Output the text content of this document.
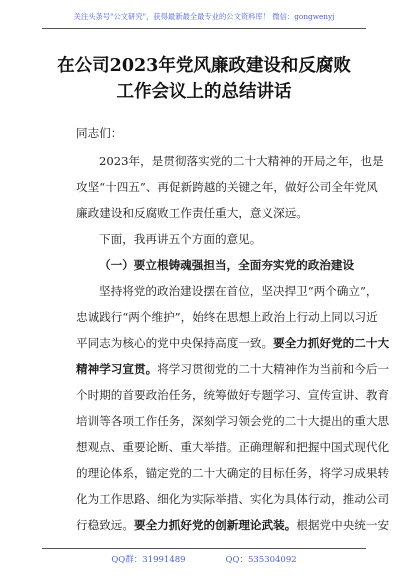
关注头条号"公文研究"，获得最新最全最专业的公文资料库！ 微信：gongwenyj
在公司2023年党风廉政建设和反腐败
工作会议上的总结讲话
同志们：
2023年，是贯彻落实党的二十大精神的开局之年，也是
攻坚“十四五”、再促新跨越的关键之年，做好公司全年党风
廉政建设和反腐败工作责任重大，意义深远。
下面，我再讲五个方面的意见。
（一）要立根铸魂强担当，全面夯实党的政治建设
坚持将党的政治建设摆在首位，坚决捍卫“两个确立”，
忠诚践行“两个维护”，始终在思想上政治上行动上同以习近
平同志为核心的党中央保持高度一致。要全力抓好党的二十大
精神学习宣贯。将学习贯彻党的二十大精神作为当前和今后一
个时期的首要政治任务，统筹做好专题学习、宣传宣讲、教育
培训等各项工作任务，深刻学习领会党的二十大提出的重大思
想观点、重要论断、重大举措。正确理解和把握中国式现代化
的理论体系，锚定党的二十大确定的目标任务，将学习成果转
化为工作思路、细化为实际举措、实化为具体行动，推动公司
行稳致远。要全力抓好党的创新理论武装。根据党中央统一安
QQ群：31991489	QQ：535304092
